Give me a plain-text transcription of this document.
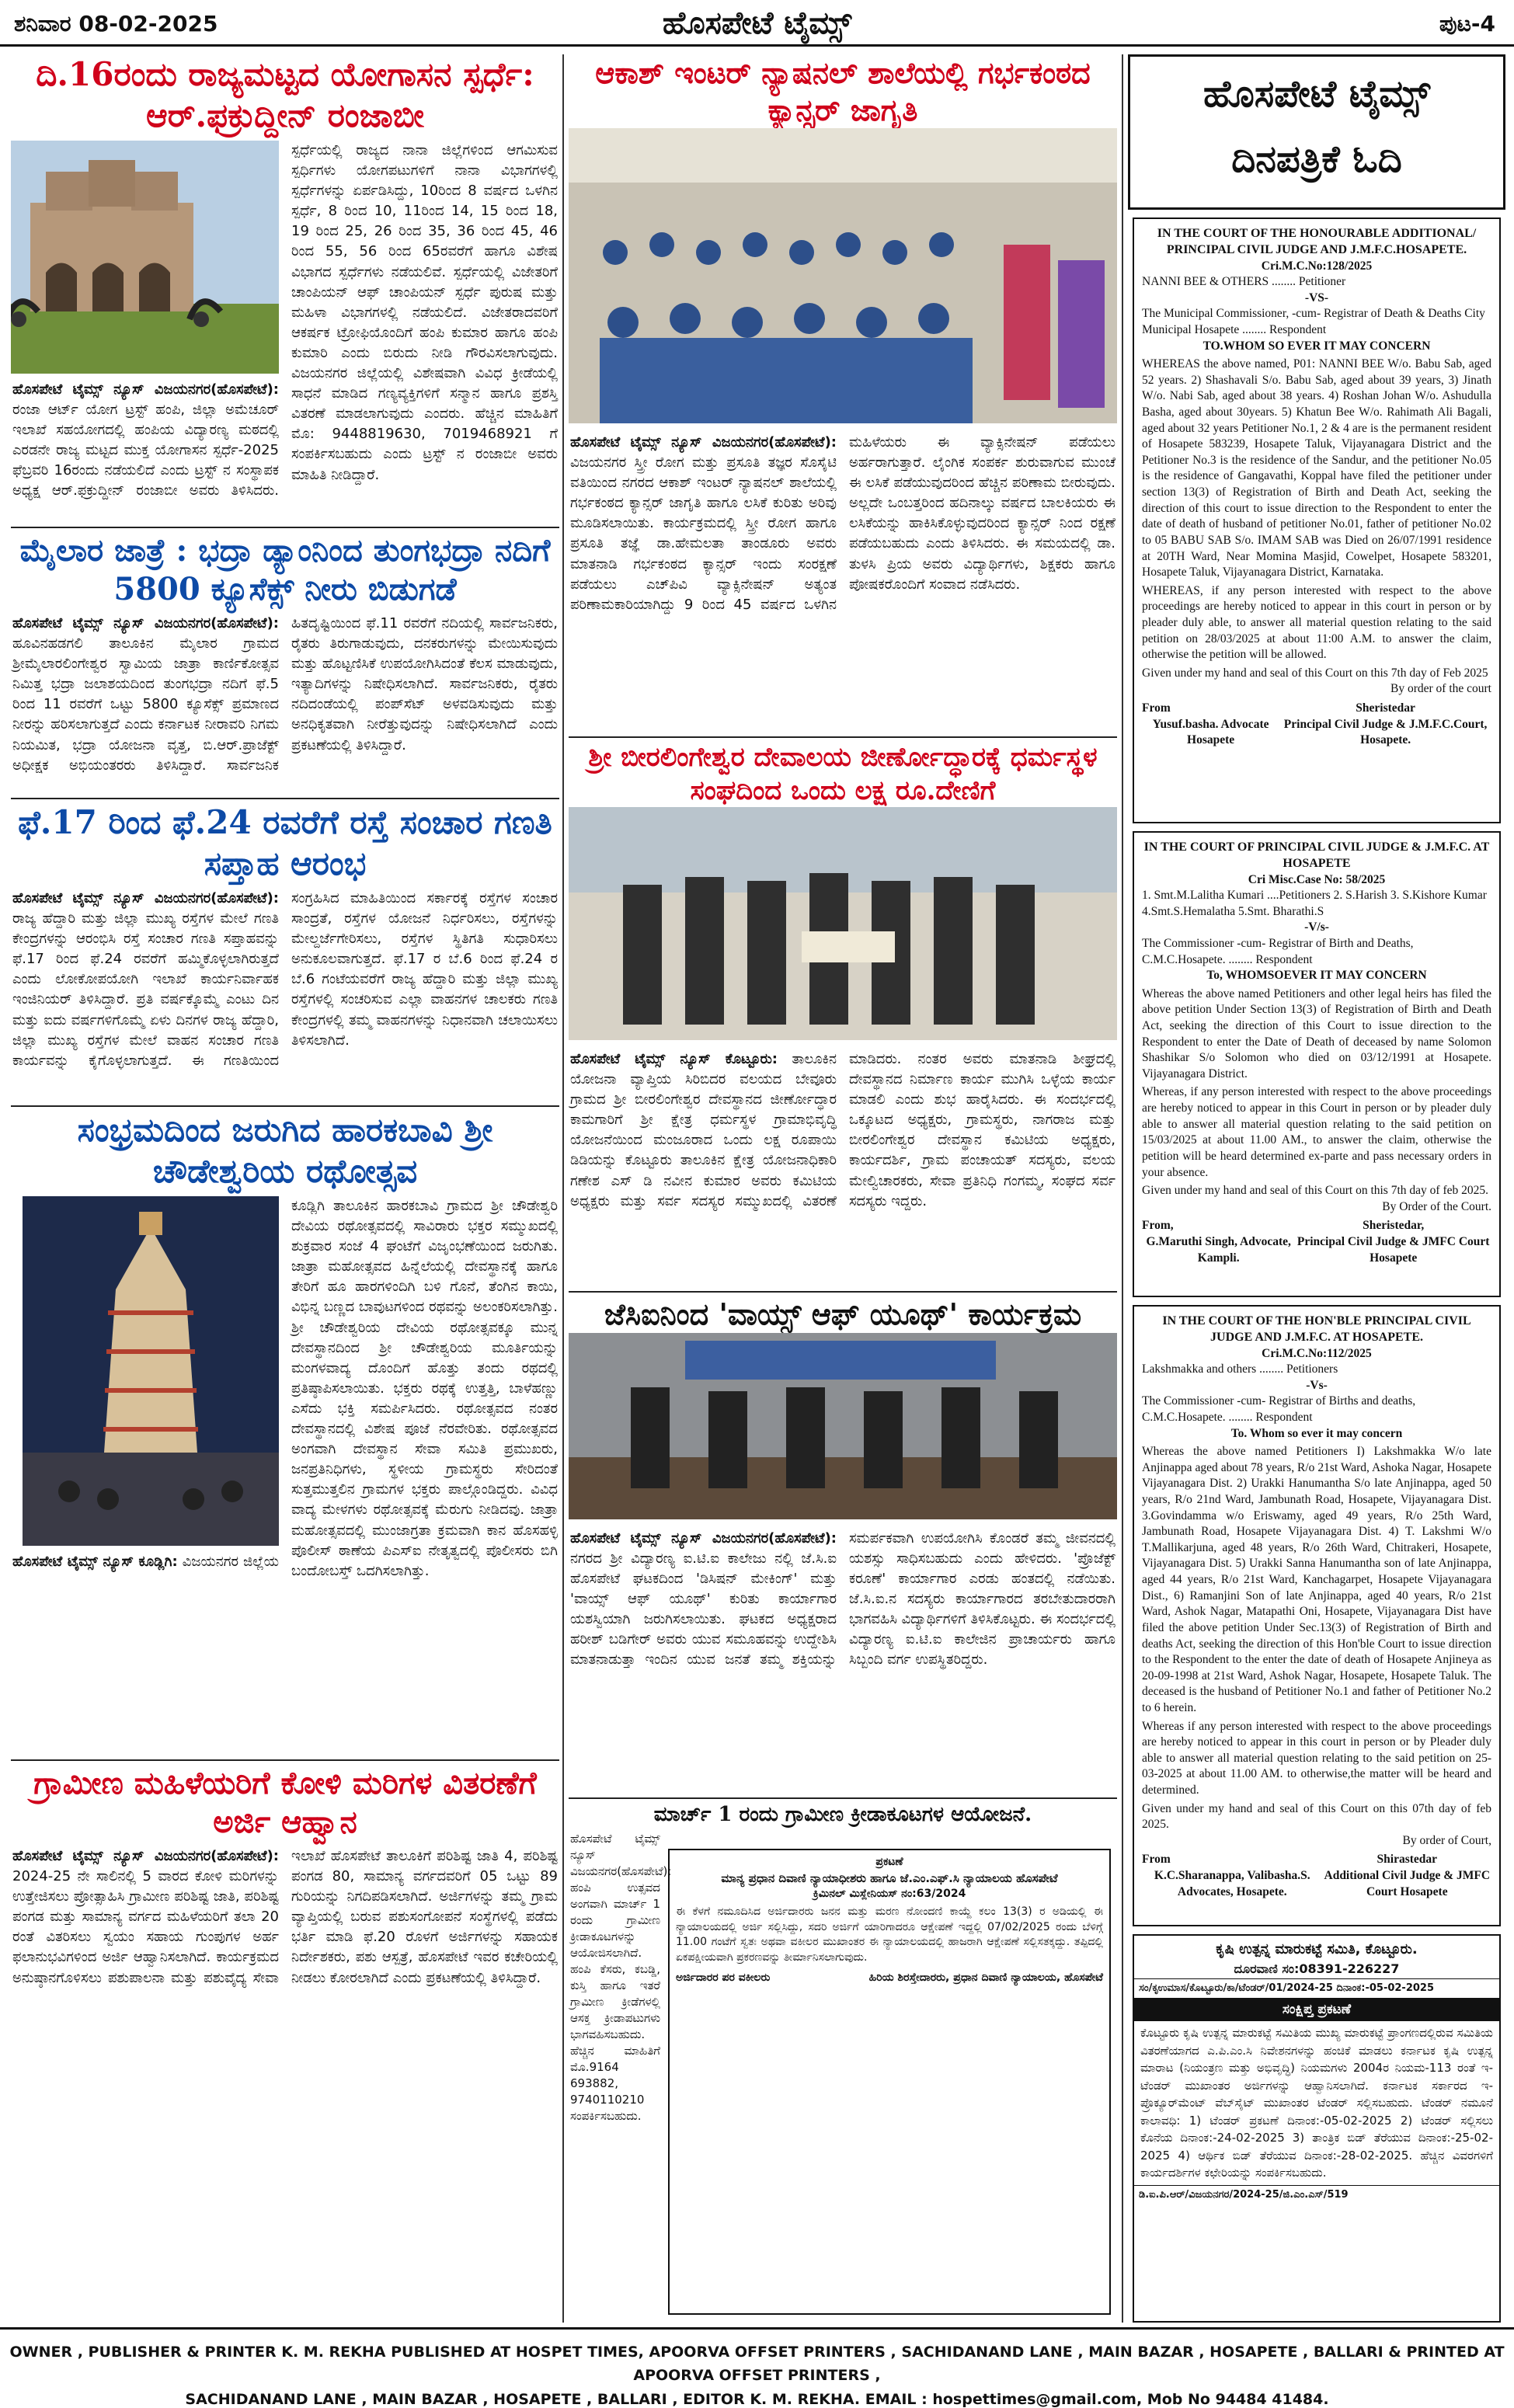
ಶನಿವಾರ 08-02-2025	ಹೊಸಪೇಟೆ ಟೈಮ್ಸ್	ಪುಟ-4
ದಿ.16ರಂದು ರಾಜ್ಯಮಟ್ಟದ ಯೋಗಾಸನ ಸ್ಪರ್ಧೆ: ಆರ್.ಫಕ್ರುದ್ದೀನ್ ರಂಜಾಬೀ
ಹೊಸಪೇಟೆ ಟೈಮ್ಸ್ ನ್ಯೂಸ್ ವಿಜಯನಗರ(ಹೊಸಪೇಟೆ): ರಂಜಾ ಆರ್ಟ್ ಯೋಗ ಟ್ರಸ್ಟ್ ಹಂಪಿ, ಜಿಲ್ಲಾ ಅಮೆಚೂರ್ ಇಲಾಖೆ ಸಹಯೋಗದಲ್ಲಿ ಹಂಪಿಯ ವಿದ್ಯಾರಣ್ಯ ಮಠದಲ್ಲಿ ಎರಡನೇ ರಾಜ್ಯ ಮಟ್ಟದ ಮುಕ್ತ ಯೋಗಾಸನ ಸ್ಪರ್ಧೆ-2025 ಫೆಬ್ರವರಿ 16ರಂದು ನಡೆಯಲಿದೆ ಎಂದು ಟ್ರಸ್ಟ್ ನ ಸಂಸ್ಥಾಪಕ ಅಧ್ಯಕ್ಷ ಆರ್.ಫಕ್ರುದ್ದೀನ್ ರಂಜಾಬೀ ಅವರು ತಿಳಿಸಿದರು. ಸ್ಪರ್ಧೆಯಲ್ಲಿ ರಾಜ್ಯದ ನಾನಾ ಜಿಲ್ಲೆಗಳಿಂದ ಆಗಮಿಸುವ ಸ್ಪರ್ಧಿಗಳು ಯೋಗಪಟುಗಳಿಗೆ ನಾನಾ ವಿಭಾಗಗಳಲ್ಲಿ ಸ್ಪರ್ಧೆಗಳನ್ನು ಏರ್ಪಡಿಸಿದ್ದು, 10ರಿಂದ 8 ವರ್ಷದ ಒಳಗಿನ ಸ್ಪರ್ಧೆ, 8 ರಿಂದ 10, 11ರಿಂದ 14, 15 ರಿಂದ 18, 19 ರಿಂದ 25, 26 ರಿಂದ 35, 36 ರಿಂದ 45, 46 ರಿಂದ 55, 56 ರಿಂದ 65ರವರೆಗೆ ಹಾಗೂ ವಿಶೇಷ ವಿಭಾಗದ ಸ್ಪರ್ಧೆಗಳು ನಡೆಯಲಿವೆ. ಸ್ಪರ್ಧೆಯಲ್ಲಿ ವಿಜೇತರಿಗೆ ಚಾಂಪಿಯನ್ ಆಫ್ ಚಾಂಪಿಯನ್ ಸ್ಪರ್ಧೆ ಪುರುಷ ಮತ್ತು ಮಹಿಳಾ ವಿಭಾಗಗಳಲ್ಲಿ ನಡೆಯಲಿದೆ. ವಿಜೇತರಾದವರಿಗೆ ಆಕರ್ಷಕ ಟ್ರೋಫಿಯೊಂದಿಗೆ ಹಂಪಿ ಕುಮಾರ ಹಾಗೂ ಹಂಪಿ ಕುಮಾರಿ ಎಂದು ಬಿರುದು ನೀಡಿ ಗೌರವಿಸಲಾಗುವುದು. ವಿಜಯನಗರ ಜಿಲ್ಲೆಯಲ್ಲಿ ವಿಶೇಷವಾಗಿ ವಿವಿಧ ಕ್ರೀಡೆಯಲ್ಲಿ ಸಾಧನೆ ಮಾಡಿದ ಗಣ್ಯವ್ಯಕ್ತಿಗಳಿಗೆ ಸನ್ಮಾನ ಹಾಗೂ ಪ್ರಶಸ್ತಿ ವಿತರಣೆ ಮಾಡಲಾಗುವುದು ಎಂದರು. ಹೆಚ್ಚಿನ ಮಾಹಿತಿಗೆ ಮೊ: 9448819630, 7019468921 ಗೆ ಸಂಪರ್ಕಿಸಬಹುದು ಎಂದು ಟ್ರಸ್ಟ್ ನ ರಂಜಾಬೀ ಅವರು ಮಾಹಿತಿ ನೀಡಿದ್ದಾರೆ.
ಮೈಲಾರ ಜಾತ್ರೆ : ಭದ್ರಾ ಡ್ಯಾಂನಿಂದ ತುಂಗಭದ್ರಾ ನದಿಗೆ 5800 ಕ್ಯೂಸೆಕ್ಸ್ ನೀರು ಬಿಡುಗಡೆ
ಹೊಸಪೇಟೆ ಟೈಮ್ಸ್ ನ್ಯೂಸ್ ವಿಜಯನಗರ(ಹೊಸಪೇಟೆ): ಹೂವಿನಹಡಗಲಿ ತಾಲೂಕಿನ ಮೈಲಾರ ಗ್ರಾಮದ ಶ್ರೀಮೈಲಾರಲಿಂಗೇಶ್ವರ ಸ್ವಾಮಿಯ ಜಾತ್ರಾ ಕಾರ್ಣಿಕೋತ್ಸವ ನಿಮಿತ್ತ ಭದ್ರಾ ಜಲಾಶಯದಿಂದ ತುಂಗಭದ್ರಾ ನದಿಗೆ ಫೆ.5 ರಿಂದ 11 ರವರೆಗೆ ಒಟ್ಟು 5800 ಕ್ಯೂಸೆಕ್ಸ್ ಪ್ರಮಾಣದ ನೀರನ್ನು ಹರಿಸಲಾಗುತ್ತದೆ ಎಂದು ಕರ್ನಾಟಕ ನೀರಾವರಿ ನಿಗಮ ನಿಯಮಿತ, ಭದ್ರಾ ಯೋಜನಾ ವೃತ್ತ, ಬಿ.ಆರ್.ಪ್ರಾಜೆಕ್ಟ್ ಅಧೀಕ್ಷಕ ಅಭಿಯಂತರರು ತಿಳಿಸಿದ್ದಾರೆ. ಸಾರ್ವಜನಿಕ ಹಿತದೃಷ್ಟಿಯಿಂದ ಫೆ.11 ರವರೆಗೆ ನದಿಯಲ್ಲಿ ಸಾರ್ವಜನಿಕರು, ರೈತರು ತಿರುಗಾಡುವುದು, ದನಕರುಗಳನ್ನು ಮೇಯಿಸುವುದು ಮತ್ತು ಹೊಟ್ಟಣಿಸಿಕೆ ಉಪಯೋಗಿಸಿದಂತೆ ಕೆಲಸ ಮಾಡುವುದು, ಇತ್ಯಾದಿಗಳನ್ನು ನಿಷೇಧಿಸಲಾಗಿದೆ. ಸಾರ್ವಜನಿಕರು, ರೈತರು ನದಿದಂಡೆಯಲ್ಲಿ ಪಂಪ್‌ಸೆಟ್ ಅಳವಡಿಸುವುದು ಮತ್ತು ಅನಧಿಕೃತವಾಗಿ ನೀರೆತ್ತುವುದನ್ನು ನಿಷೇಧಿಸಲಾಗಿದೆ ಎಂದು ಪ್ರಕಟಣೆಯಲ್ಲಿ ತಿಳಿಸಿದ್ದಾರೆ.
ಫೆ.17 ರಿಂದ ಫೆ.24 ರವರೆಗೆ ರಸ್ತೆ ಸಂಚಾರ ಗಣತಿ ಸಪ್ತಾಹ ಆರಂಭ
ಹೊಸಪೇಟೆ ಟೈಮ್ಸ್ ನ್ಯೂಸ್ ವಿಜಯನಗರ(ಹೊಸಪೇಟೆ): ರಾಜ್ಯ ಹೆದ್ದಾರಿ ಮತ್ತು ಜಿಲ್ಲಾ ಮುಖ್ಯ ರಸ್ತೆಗಳ ಮೇಲೆ ಗಣತಿ ಕೇಂದ್ರಗಳನ್ನು ಆರಂಭಿಸಿ ರಸ್ತೆ ಸಂಚಾರ ಗಣತಿ ಸಪ್ತಾಹವನ್ನು ಫೆ.17 ರಿಂದ ಫೆ.24 ರವರೆಗೆ ಹಮ್ಮಿಕೊಳ್ಳಲಾಗಿರುತ್ತದೆ ಎಂದು ಲೋಕೋಪಯೋಗಿ ಇಲಾಖೆ ಕಾರ್ಯನಿರ್ವಾಹಕ ಇಂಜಿನಿಯರ್ ತಿಳಿಸಿದ್ದಾರೆ. ಪ್ರತಿ ವರ್ಷಕ್ಕೊಮ್ಮೆ ಎಂಟು ದಿನ ಮತ್ತು ಐದು ವರ್ಷಗಳಿಗೊಮ್ಮೆ ಏಳು ದಿನಗಳ ರಾಜ್ಯ ಹೆದ್ದಾರಿ, ಜಿಲ್ಲಾ ಮುಖ್ಯ ರಸ್ತೆಗಳ ಮೇಲೆ ವಾಹನ ಸಂಚಾರ ಗಣತಿ ಕಾರ್ಯವನ್ನು ಕೈಗೊಳ್ಳಲಾಗುತ್ತದೆ. ಈ ಗಣತಿಯಿಂದ ಸಂಗ್ರಹಿಸಿದ ಮಾಹಿತಿಯಿಂದ ಸರ್ಕಾರಕ್ಕೆ ರಸ್ತೆಗಳ ಸಂಚಾರ ಸಾಂದ್ರತೆ, ರಸ್ತೆಗಳ ಯೋಜನೆ ನಿರ್ಧರಿಸಲು, ರಸ್ತೆಗಳನ್ನು ಮೇಲ್ದರ್ಜೆಗೇರಿಸಲು, ರಸ್ತೆಗಳ ಸ್ಥಿತಿಗತಿ ಸುಧಾರಿಸಲು ಅನುಕೂಲವಾಗುತ್ತದೆ. ಫೆ.17 ರ ಬೆ.6 ರಿಂದ ಫೆ.24 ರ ಬೆ.6 ಗಂಟೆಯವರೆಗೆ ರಾಜ್ಯ ಹೆದ್ದಾರಿ ಮತ್ತು ಜಿಲ್ಲಾ ಮುಖ್ಯ ರಸ್ತೆಗಳಲ್ಲಿ ಸಂಚರಿಸುವ ಎಲ್ಲಾ ವಾಹನಗಳ ಚಾಲಕರು ಗಣತಿ ಕೇಂದ್ರಗಳಲ್ಲಿ ತಮ್ಮ ವಾಹನಗಳನ್ನು ನಿಧಾನವಾಗಿ ಚಲಾಯಿಸಲು ತಿಳಿಸಲಾಗಿದೆ.
ಸಂಭ್ರಮದಿಂದ ಜರುಗಿದ ಹಾರಕಬಾವಿ ಶ್ರೀ ಚೌಡೇಶ್ವರಿಯ ರಥೋತ್ಸವ
ಹೊಸಪೇಟೆ ಟೈಮ್ಸ್ ನ್ಯೂಸ್ ಕೂಡ್ಲಿಗಿ: ವಿಜಯನಗರ ಜಿಲ್ಲೆಯ ಕೂಡ್ಲಿಗಿ ತಾಲೂಕಿನ ಹಾರಕಬಾವಿ ಗ್ರಾಮದ ಶ್ರೀ ಚೌಡೇಶ್ವರಿ ದೇವಿಯ ರಥೋತ್ಸವದಲ್ಲಿ ಸಾವಿರಾರು ಭಕ್ತರ ಸಮ್ಮುಖದಲ್ಲಿ ಶುಕ್ರವಾರ ಸಂಜೆ 4 ಘಂಟೆಗೆ ವಿಜೃಂಭಣೆಯಿಂದ ಜರುಗಿತು. ಜಾತ್ರಾ ಮಹೋತ್ಸವದ ಹಿನ್ನೆಲೆಯಲ್ಲಿ ದೇವಸ್ಥಾನಕ್ಕೆ ಹಾಗೂ ತೇರಿಗೆ ಹೂ ಹಾರಗಳಿಂದಿಗಿ ಬಳಿ ಗೊನೆ, ತೆಂಗಿನ ಕಾಯಿ, ವಿಭಿನ್ನ ಬಣ್ಣದ ಬಾವುಟಗಳಿಂದ ರಥವನ್ನು ಅಲಂಕರಿಸಲಾಗಿತ್ತು. ಶ್ರೀ ಚೌಡೇಶ್ವರಿಯ ದೇವಿಯ ರಥೋತ್ಸವಕ್ಕೂ ಮುನ್ನ ದೇವಸ್ಥಾನದಿಂದ ಶ್ರೀ ಚೌಡೇಶ್ವರಿಯ ಮೂರ್ತಿಯನ್ನು ಮಂಗಳವಾದ್ಯ ದೊಂದಿಗೆ ಹೊತ್ತು ತಂದು ರಥದಲ್ಲಿ ಪ್ರತಿಷ್ಠಾಪಿಸಲಾಯಿತು. ಭಕ್ತರು ರಥಕ್ಕೆ ಉತ್ತತ್ತಿ, ಬಾಳೆಹಣ್ಣು ಎಸೆದು ಭಕ್ತಿ ಸಮರ್ಪಿಸಿದರು. ರಥೋತ್ಸವದ ನಂತರ ದೇವಸ್ಥಾನದಲ್ಲಿ ವಿಶೇಷ ಪೂಜೆ ನೆರವೇರಿತು. ರಥೋತ್ಸವದ ಅಂಗವಾಗಿ ದೇವಸ್ಥಾನ ಸೇವಾ ಸಮಿತಿ ಪ್ರಮುಖರು, ಜನಪ್ರತಿನಿಧಿಗಳು, ಸ್ಥಳೀಯ ಗ್ರಾಮಸ್ಥರು ಸೇರಿದಂತೆ ಸುತ್ತಮುತ್ತಲಿನ ಗ್ರಾಮಗಳ ಭಕ್ತರು ಪಾಲ್ಗೊಂಡಿದ್ದರು. ವಿವಿಧ ವಾದ್ಯ ಮೇಳಗಳು ರಥೋತ್ಸವಕ್ಕೆ ಮೆರುಗು ನೀಡಿದವು. ಜಾತ್ರಾ ಮಹೋತ್ಸವದಲ್ಲಿ ಮುಂಜಾಗ್ರತಾ ಕ್ರಮವಾಗಿ ಕಾನ ಹೊಸಹಳ್ಳಿ ಪೊಲೀಸ್ ಠಾಣೆಯ ಪಿಎಸ್ಐ ನೇತೃತ್ವದಲ್ಲಿ ಪೊಲೀಸರು ಬಿಗಿ ಬಂದೋಬಸ್ತ್ ಒದಗಿಸಲಾಗಿತ್ತು.
ಗ್ರಾಮೀಣ ಮಹಿಳೆಯರಿಗೆ ಕೋಳಿ ಮರಿಗಳ ವಿತರಣೆಗೆ ಅರ್ಜಿ ಆಹ್ವಾನ
ಹೊಸಪೇಟೆ ಟೈಮ್ಸ್ ನ್ಯೂಸ್ ವಿಜಯನಗರ(ಹೊಸಪೇಟೆ): 2024-25 ನೇ ಸಾಲಿನಲ್ಲಿ 5 ವಾರದ ಕೋಳಿ ಮರಿಗಳನ್ನು ಉತ್ತೇಜಿಸಲು ಪ್ರೋತ್ಸಾಹಿಸಿ ಗ್ರಾಮೀಣ ಪರಿಶಿಷ್ಟ ಜಾತಿ, ಪರಿಶಿಷ್ಟ ಪಂಗಡ ಮತ್ತು ಸಾಮಾನ್ಯ ವರ್ಗದ ಮಹಿಳೆಯರಿಗೆ ತಲಾ 20 ರಂತೆ ವಿತರಿಸಲು ಸ್ವಯಂ ಸಹಾಯ ಗುಂಪುಗಳ ಅರ್ಹ ಫಲಾನುಭವಿಗಳಿಂದ ಅರ್ಜಿ ಆಹ್ವಾನಿಸಲಾಗಿದೆ. ಕಾರ್ಯಕ್ರಮದ ಅನುಷ್ಠಾನಗೊಳಿಸಲು ಪಶುಪಾಲನಾ ಮತ್ತು ಪಶುವೈದ್ಯ ಸೇವಾ ಇಲಾಖೆ ಹೊಸಪೇಟೆ ತಾಲೂಕಿಗೆ ಪರಿಶಿಷ್ಟ ಜಾತಿ 4, ಪರಿಶಿಷ್ಟ ಪಂಗಡ 80, ಸಾಮಾನ್ಯ ವರ್ಗದವರಿಗೆ 05 ಒಟ್ಟು 89 ಗುರಿಯನ್ನು ನಿಗದಿಪಡಿಸಲಾಗಿದೆ. ಅರ್ಜಿಗಳನ್ನು ತಮ್ಮ ಗ್ರಾಮ ವ್ಯಾಪ್ತಿಯಲ್ಲಿ ಬರುವ ಪಶುಸಂಗೋಪನೆ ಸಂಸ್ಥೆಗಳಲ್ಲಿ ಪಡೆದು ಭರ್ತಿ ಮಾಡಿ ಫೆ.20 ರೊಳಗೆ ಅರ್ಜಿಗಳನ್ನು ಸಹಾಯಕ ನಿರ್ದೇಶಕರು, ಪಶು ಆಸ್ಪತ್ರೆ, ಹೊಸಪೇಟೆ ಇವರ ಕಚೇರಿಯಲ್ಲಿ ನೀಡಲು ಕೋರಲಾಗಿದೆ ಎಂದು ಪ್ರಕಟಣೆಯಲ್ಲಿ ತಿಳಿಸಿದ್ದಾರೆ.
ಆಕಾಶ್ ಇಂಟರ್ ನ್ಯಾಷನಲ್ ಶಾಲೆಯಲ್ಲಿ ಗರ್ಭಕಂಠದ ಕ್ಯಾನ್ಸರ್ ಜಾಗೃತಿ
ಹೊಸಪೇಟೆ ಟೈಮ್ಸ್ ನ್ಯೂಸ್ ವಿಜಯನಗರ(ಹೊಸಪೇಟೆ): ವಿಜಯನಗರ ಸ್ತ್ರೀ ರೋಗ ಮತ್ತು ಪ್ರಸೂತಿ ತಜ್ಞರ ಸೊಸೈಟಿ ವತಿಯಿಂದ ನಗರದ ಆಕಾಶ್ ಇಂಟರ್ ನ್ಯಾಷನಲ್ ಶಾಲೆಯಲ್ಲಿ ಗರ್ಭಕಂಠದ ಕ್ಯಾನ್ಸರ್ ಜಾಗೃತಿ ಹಾಗೂ ಲಸಿಕೆ ಕುರಿತು ಅರಿವು ಮೂಡಿಸಲಾಯಿತು. ಕಾರ್ಯಕ್ರಮದಲ್ಲಿ ಸ್ತ್ರೀ ರೋಗ ಹಾಗೂ ಪ್ರಸೂತಿ ತಜ್ಞೆ ಡಾ.ಹೇಮಲತಾ ತಾಂಡೂರು ಅವರು ಮಾತನಾಡಿ ಗರ್ಭಕಂಠದ ಕ್ಯಾನ್ಸರ್ ಇಂದು ಸಂರಕ್ಷಣೆ ಪಡೆಯಲು ಎಚ್‌ಪಿವಿ ವ್ಯಾಕ್ಸಿನೇಷನ್ ಅತ್ಯಂತ ಪರಿಣಾಮಕಾರಿಯಾಗಿದ್ದು 9 ರಿಂದ 45 ವರ್ಷದ ಒಳಗಿನ ಮಹಿಳೆಯರು ಈ ವ್ಯಾಕ್ಸಿನೇಷನ್ ಪಡೆಯಲು ಅರ್ಹರಾಗುತ್ತಾರೆ. ಲೈಂಗಿಕ ಸಂಪರ್ಕ ಶುರುವಾಗುವ ಮುಂಚೆ ಈ ಲಸಿಕೆ ಪಡೆಯುವುದರಿಂದ ಹೆಚ್ಚಿನ ಪರಿಣಾಮ ಬೀರುವುದು. ಅಲ್ಲದೇ ಒಂಬತ್ತರಿಂದ ಹದಿನಾಲ್ಕು ವರ್ಷದ ಬಾಲಕಿಯರು ಈ ಲಸಿಕೆಯನ್ನು ಹಾಕಿಸಿಕೊಳ್ಳುವುದರಿಂದ ಕ್ಯಾನ್ಸರ್ ನಿಂದ ರಕ್ಷಣೆ ಪಡೆಯಬಹುದು ಎಂದು ತಿಳಿಸಿದರು. ಈ ಸಮಯದಲ್ಲಿ ಡಾ. ತುಳಸಿ ಪ್ರಿಯ ಅವರು ವಿದ್ಯಾರ್ಥಿಗಳು, ಶಿಕ್ಷಕರು ಹಾಗೂ ಪೋಷಕರೊಂದಿಗೆ ಸಂವಾದ ನಡೆಸಿದರು.
ಶ್ರೀ ಬೀರಲಿಂಗೇಶ್ವರ ದೇವಾಲಯ ಜೀರ್ಣೋದ್ಧಾರಕ್ಕೆ ಧರ್ಮಸ್ಥಳ ಸಂಘದಿಂದ ಒಂದು ಲಕ್ಷ ರೂ.ದೇಣಿಗೆ
ಹೊಸಪೇಟೆ ಟೈಮ್ಸ್ ನ್ಯೂಸ್ ಕೊಟ್ಟೂರು: ತಾಲೂಕಿನ ಯೋಜನಾ ವ್ಯಾಪ್ತಿಯ ಸಿರಿಬಿದರ ವಲಯದ ಬೇವೂರು ಗ್ರಾಮದ ಶ್ರೀ ಬೀರಲಿಂಗೇಶ್ವರ ದೇವಸ್ಥಾನದ ಜೀರ್ಣೋದ್ಧಾರ ಕಾಮಗಾರಿಗೆ ಶ್ರೀ ಕ್ಷೇತ್ರ ಧರ್ಮಸ್ಥಳ ಗ್ರಾಮಾಭಿವೃದ್ಧಿ ಯೋಜನೆಯಿಂದ ಮಂಜೂರಾದ ಒಂದು ಲಕ್ಷ ರೂಪಾಯಿ ಡಿಡಿಯನ್ನು ಕೊಟ್ಟೂರು ತಾಲೂಕಿನ ಕ್ಷೇತ್ರ ಯೋಜನಾಧಿಕಾರಿ ಗಣೇಶ ಎಸ್ ಡಿ ನವೀನ ಕುಮಾರ ಅವರು ಕಮಿಟಿಯ ಅಧ್ಯಕ್ಷರು ಮತ್ತು ಸರ್ವ ಸದಸ್ಯರ ಸಮ್ಮುಖದಲ್ಲಿ ವಿತರಣೆ ಮಾಡಿದರು. ನಂತರ ಅವರು ಮಾತನಾಡಿ ಶೀಘ್ರದಲ್ಲಿ ದೇವಸ್ಥಾನದ ನಿರ್ಮಾಣ ಕಾರ್ಯ ಮುಗಿಸಿ ಒಳ್ಳೆಯ ಕಾರ್ಯ ಮಾಡಲಿ ಎಂದು ಶುಭ ಹಾರೈಸಿದರು. ಈ ಸಂದರ್ಭದಲ್ಲಿ ಒಕ್ಕೂಟದ ಅಧ್ಯಕ್ಷರು, ಗ್ರಾಮಸ್ಥರು, ನಾಗರಾಜ ಮತ್ತು ಬೀರಲಿಂಗೇಶ್ವರ ದೇವಸ್ಥಾನ ಕಮಿಟಿಯ ಅಧ್ಯಕ್ಷರು, ಕಾರ್ಯದರ್ಶಿ, ಗ್ರಾಮ ಪಂಚಾಯತ್ ಸದಸ್ಯರು, ವಲಯ ಮೇಲ್ವಿಚಾರಕರು, ಸೇವಾ ಪ್ರತಿನಿಧಿ ಗಂಗಮ್ಮ, ಸಂಘದ ಸರ್ವ ಸದಸ್ಯರು ಇದ್ದರು.
ಜೆಸಿಐನಿಂದ 'ವಾಯ್ಸ್ ಆಫ್ ಯೂಥ್' ಕಾರ್ಯಕ್ರಮ
ಹೊಸಪೇಟೆ ಟೈಮ್ಸ್ ನ್ಯೂಸ್ ವಿಜಯನಗರ(ಹೊಸಪೇಟೆ): ನಗರದ ಶ್ರೀ ವಿದ್ಯಾರಣ್ಯ ಐ.ಟಿ.ಐ ಕಾಲೇಜು ನಲ್ಲಿ ಜೆ.ಸಿ.ಐ ಹೊಸಪೇಟೆ ಘಟಕದಿಂದ 'ಡಿಸಿಷನ್ ಮೇಕಿಂಗ್' ಮತ್ತು 'ವಾಯ್ಸ್ ಆಫ್ ಯೂಥ್' ಕುರಿತು ಕಾರ್ಯಾಗಾರ ಯಶಸ್ವಿಯಾಗಿ ಜರುಗಿಸಲಾಯಿತು. ಘಟಕದ ಅಧ್ಯಕ್ಷರಾದ ಹರೀಶ್ ಬಡಿಗೇರ್ ಅವರು ಯುವ ಸಮೂಹವನ್ನು ಉದ್ದೇಶಿಸಿ ಮಾತನಾಡುತ್ತಾ ಇಂದಿನ ಯುವ ಜನತೆ ತಮ್ಮ ಶಕ್ತಿಯನ್ನು ಸಮರ್ಪಕವಾಗಿ ಉಪಯೋಗಿಸಿ ಕೊಂಡರೆ ತಮ್ಮ ಜೀವನದಲ್ಲಿ ಯಶಸ್ಸು ಸಾಧಿಸಬಹುದು ಎಂದು ಹೇಳಿದರು. 'ಪ್ರೊಜೆಕ್ಟ್ ಕರೂಣೆ' ಕಾರ್ಯಾಗಾರ ಎರಡು ಹಂತದಲ್ಲಿ ನಡೆಯಿತು. ಜೆ.ಸಿ.ಐ.ನ ಸದಸ್ಯರು ಕಾರ್ಯಾಗಾರದ ತರಬೇತುದಾರರಾಗಿ ಭಾಗವಹಿಸಿ ವಿದ್ಯಾರ್ಥಿಗಳಿಗೆ ತಿಳಿಸಿಕೊಟ್ಟರು. ಈ ಸಂದರ್ಭದಲ್ಲಿ ವಿದ್ಯಾರಣ್ಯ ಐ.ಟಿ.ಐ ಕಾಲೇಜಿನ ಪ್ರಾಚಾರ್ಯರು ಹಾಗೂ ಸಿಬ್ಬಂದಿ ವರ್ಗ ಉಪಸ್ಥಿತರಿದ್ದರು.
ಮಾರ್ಚ್ 1 ರಂದು ಗ್ರಾಮೀಣ ಕ್ರೀಡಾಕೂಟಗಳ ಆಯೋಜನೆ.
ಹೊಸಪೇಟೆ ಟೈಮ್ಸ್ ನ್ಯೂಸ್ ವಿಜಯನಗರ(ಹೊಸಪೇಟೆ): ಹಂಪಿ ಉತ್ಸವದ ಅಂಗವಾಗಿ ಮಾರ್ಚ್ 1 ರಂದು ಗ್ರಾಮೀಣ ಕ್ರೀಡಾಕೂಟಗಳನ್ನು ಆಯೋಜಿಸಲಾಗಿದೆ. ಹಂಪಿ ಕೆಸರು, ಕಬಡ್ಡಿ, ಕುಸ್ತಿ ಹಾಗೂ ಇತರೆ ಗ್ರಾಮೀಣ ಕ್ರೀಡೆಗಳಲ್ಲಿ ಆಸಕ್ತ ಕ್ರೀಡಾಪಟುಗಳು ಭಾಗವಹಿಸಬಹುದು. ಹೆಚ್ಚಿನ ಮಾಹಿತಿಗೆ ಮೊ.9164 693882, 9740110210 ಸಂಪರ್ಕಿಸಬಹುದು.
ಪ್ರಕಟಣೆ
ಮಾನ್ಯ ಪ್ರಧಾನ ದಿವಾಣಿ ನ್ಯಾಯಾಧೀಶರು ಹಾಗೂ ಜೆ.ಎಂ.ಎಫ್.ಸಿ ನ್ಯಾಯಾಲಯ ಹೊಸಪೇಟೆ
ಕ್ರಿಮಿನಲ್ ಮಿಸ್ಲೇನಿಯಸ್ ನಂ:63/2024

ಈ ಕೆಳಗೆ ನಮೂದಿಸಿದ ಅರ್ಜಿದಾರರು ಜನನ ಮತ್ತು ಮರಣ ನೋಂದಣಿ ಕಾಯ್ದೆ ಕಲಂ 13(3) ರ ಅಡಿಯಲ್ಲಿ ಈ ನ್ಯಾಯಾಲಯದಲ್ಲಿ ಅರ್ಜಿ ಸಲ್ಲಿಸಿದ್ದು, ಸದರಿ ಅರ್ಜಿಗೆ ಯಾರಿಗಾದರೂ ಆಕ್ಷೇಪಣೆ ಇದ್ದಲ್ಲಿ 07/02/2025 ರಂದು ಬೆಳಿಗ್ಗೆ 11.00 ಗಂಟೆಗೆ ಸ್ವತಃ ಅಥವಾ ವಕೀಲರ ಮುಖಾಂತರ ಈ ನ್ಯಾಯಾಲಯದಲ್ಲಿ ಹಾಜರಾಗಿ ಆಕ್ಷೇಪಣೆ ಸಲ್ಲಿಸತಕ್ಕದ್ದು. ತಪ್ಪಿದಲ್ಲಿ ಏಕಪಕ್ಷೀಯವಾಗಿ ಪ್ರಕರಣವನ್ನು ತೀರ್ಮಾನಿಸಲಾಗುವುದು.

ಅರ್ಜಿದಾರರ ಪರ ವಕೀಲರು	ಹಿರಿಯ ಶಿರಸ್ತೇದಾರರು, ಪ್ರಧಾನ ದಿವಾಣಿ ನ್ಯಾಯಾಲಯ, ಹೊಸಪೇಟೆ
ಹೊಸಪೇಟೆ ಟೈಮ್ಸ್
ದಿನಪತ್ರಿಕೆ ಓದಿ
IN THE COURT OF THE HONOURABLE ADDITIONAL/ PRINCIPAL CIVIL JUDGE AND J.M.F.C.HOSAPETE.
Cri.M.C.No:128/2025
NANNI BEE & OTHERS ........ Petitioner
-VS-
The Municipal Commissioner, -cum- Registrar of Death & Deaths City Municipal Hosapete ........ Respondent
TO.WHOM SO EVER IT MAY CONCERN

WHEREAS the above named, P01: NANNI BEE W/o. Babu Sab, aged 52 years. 2) Shashavali S/o. Babu Sab, aged about 39 years, 3) Jinath W/o. Nabi Sab, aged about 38 years. 4) Roshan Johan W/o. Ashudulla Basha, aged about 30years. 5) Khatun Bee W/o. Rahimath Ali Bagali, aged about 32 years Petitioner No.1, 2 & 4 are is the permanent resident of Hosapete 583239, Hosapete Taluk, Vijayanagara District and the Petitioner No.3 is the residence of the Sandur, and the petitioner No.05 is the residence of Gangavathi, Koppal have filed the petitioner under section 13(3) of Registration of Birth and Death Act, seeking the direction of this court to issue direction to the Respondent to enter the date of death of husband of petitioner No.01, father of petitioner No.02 to 05 BABU SAB S/o. IMAM SAB was Died on 26/07/1991 residence at 20TH Ward, Near Momina Masjid, Cowelpet, Hosapete 583201, Hosapete Taluk, Vijayanagara District, Karnataka.

WHEREAS, if any person interested with respect to the above proceedings are hereby noticed to appear in this court in person or by pleader duly able, to answer all material question relating to the said petition on 28/03/2025 at about 11:00 A.M. to answer the claim, otherwise the petition will be allowed.

Given under my hand and seal of this Court on this 7th day of Feb 2025

By order of the court
From
Yusuf.basha. Advocate Hosapete
Sheristedar
Principal Civil Judge & J.M.F.C.Court, Hosapete.
IN THE COURT OF PRINCIPAL CIVIL JUDGE & J.M.F.C. AT HOSAPETE
Cri Misc.Case No: 58/2025
1. Smt.M.Lalitha Kumari ....Petitioners 2. S.Harish 3. S.Kishore Kumar 4.Smt.S.Hemalatha 5.Smt. Bharathi.S
-V/s-
The Commissioner -cum- Registrar of Birth and Deaths, C.M.C.Hosapete. ........ Respondent
To, WHOMSOEVER IT MAY CONCERN

Whereas the above named Petitioners and other legal heirs has filed the above petition Under Section 13(3) of Registration of Birth and Death Act, seeking the direction of this Court to issue direction to the Respondent to enter the Date of Death of deceased by name Solomon Shashikar S/o Solomon who died on 03/12/1991 at Hosapete. Vijayanagara District.

Whereas, if any person interested with respect to the above proceedings are hereby noticed to appear in this Court in person or by pleader duly able to answer all material question relating to the said petition on 15/03/2025 at about 11.00 AM., to answer the claim, otherwise the petition will be heard determined ex-parte and pass necessary orders in your absence.

Given under my hand and seal of this Court on this 7th day of feb 2025.

By Order of the Court.
From,
G.Maruthi Singh, Advocate, Kampli.
Sheristedar,
Principal Civil Judge & JMFC Court Hosapete
IN THE COURT OF THE HON'BLE PRINCIPAL CIVIL JUDGE AND J.M.F.C. AT HOSAPETE.
Cri.M.C.No:112/2025
Lakshmakka and others ........ Petitioners
-Vs-
The Commissioner -cum- Registrar of Births and deaths, C.M.C.Hosapete. ........ Respondent
To. Whom so ever it may concern

Whereas the above named Petitioners I) Lakshmakka W/o late Anjinappa aged about 78 years, R/o 21st Ward, Ashoka Nagar, Hosapete Vijayanagara Dist. 2) Urakki Hanumantha S/o late Anjinappa, aged 50 years, R/o 21nd Ward, Jambunath Road, Hosapete, Vijayanagara Dist. 3.Govindamma w/o Eriswamy, aged 49 years, R/o 25th Ward, Jambunath Road, Hosapete Vijayanagara Dist. 4) T. Lakshmi W/o T.Mallikarjuna, aged 48 years, R/o 26th Ward, Chitrakeri, Hosapete, Vijayanagara Dist. 5) Urakki Sanna Hanumantha son of late Anjinappa, aged 44 years, R/o 21st Ward, Kanchagarpet, Hosapete Vijayanagara Dist., 6) Ramanjini Son of late Anjinappa, aged 40 years, R/o 21st Ward, Ashok Nagar, Matapathi Oni, Hosapete, Vijayanagara Dist have filed the above petition Under Sec.13(3) of Registration of Birth and deaths Act, seeking the direction of this Hon'ble Court to issue direction to the Respondent to the enter the date of death of Hosapete Anjineya as 20-09-1998 at 21st Ward, Ashok Nagar, Hosapete, Hosapete Taluk. The deceased is the husband of Petitioner No.1 and father of Petitioner No.2 to 6 herein.

Whereas if any person interested with respect to the above proceedings are hereby noticed to appear in this court in person or by Pleader duly able to answer all material question relating to the said petition on 25-03-2025 at about 11.00 AM. to otherwise,the matter will be heard and determined.

Given under my hand and seal of this Court on this 07th day of feb 2025.

By order of Court,
From
K.C.Sharanappa, Valibasha.S. Advocates, Hosapete.
Shirastedar
Additional Civil Judge & JMFC Court Hosapete
ಕೃಷಿ ಉತ್ಪನ್ನ ಮಾರುಕಟ್ಟೆ ಸಮಿತಿ, ಕೊಟ್ಟೂರು.
ದೂರವಾಣಿ ಸಂ:08391-226227
ಸಂ/ಕೃಉಮಾಸ/ಕೊಟ್ಟೂರು/ಕಾ/ಟೆಂಡರ್/01/2024-25 ದಿನಾಂಕ:-05-02-2025
ಸಂಕ್ಷಿಪ್ತ ಪ್ರಕಟಣೆ
ಕೊಟ್ಟೂರು ಕೃಷಿ ಉತ್ಪನ್ನ ಮಾರುಕಟ್ಟೆ ಸಮಿತಿಯ ಮುಖ್ಯ ಮಾರುಕಟ್ಟೆ ಪ್ರಾಂಗಣದಲ್ಲಿರುವ ಸಮಿತಿಯ ವಿತರಣೆಯಾಗದ ಎ.ಪಿ.ಎಂ.ಸಿ ನಿವೇಶನಗಳನ್ನು ಹಂಚಿಕೆ ಮಾಡಲು ಕರ್ನಾಟಕ ಕೃಷಿ ಉತ್ಪನ್ನ ಮಾರಾಟ (ನಿಯಂತ್ರಣ ಮತ್ತು ಅಭಿವೃದ್ಧಿ) ನಿಯಮಗಳು 2004ರ ನಿಯಮ-113 ರಂತೆ ಇ-ಟೆಂಡರ್ ಮುಖಾಂತರ ಅರ್ಜಿಗಳನ್ನು ಆಹ್ವಾನಿಸಲಾಗಿದೆ. ಕರ್ನಾಟಕ ಸರ್ಕಾರದ ಇ-ಪ್ರೊಕ್ಯೂರ್‌ಮೆಂಟ್ ವೆಬ್‌ಸೈಟ್ ಮುಖಾಂತರ ಟೆಂಡರ್ ಸಲ್ಲಿಸಬಹುದು. ಟೆಂಡರ್ ನಮೂನೆ ಕಾಲಾವಧಿ: 1) ಟೆಂಡರ್ ಪ್ರಕಟಣೆ ದಿನಾಂಕ:-05-02-2025 2) ಟೆಂಡರ್ ಸಲ್ಲಿಸಲು ಕೊನೆಯ ದಿನಾಂಕ:-24-02-2025 3) ತಾಂತ್ರಿಕ ಬಿಡ್ ತೆರೆಯುವ ದಿನಾಂಕ:-25-02-2025 4) ಆರ್ಥಿಕ ಬಿಡ್ ತೆರೆಯುವ ದಿನಾಂಕ:-28-02-2025. ಹೆಚ್ಚಿನ ವಿವರಗಳಿಗೆ ಕಾರ್ಯದರ್ಶಿಗಳ ಕಛೇರಿಯನ್ನು ಸಂಪರ್ಕಿಸಬಹುದು.
ಡಿ.ಐ.ಪಿ.ಆರ್/ವಿಜಯನಗರ/2024-25/ಜಿ.ಎಂ.ಎಸ್/519
OWNER , PUBLISHER & PRINTER K. M. REKHA PUBLISHED AT HOSPET TIMES, APOORVA OFFSET PRINTERS , SACHIDANAND LANE , MAIN BAZAR , HOSAPETE , BALLARI & PRINTED AT APOORVA OFFSET PRINTERS ,
SACHIDANAND LANE , MAIN BAZAR , HOSAPETE , BALLARI , EDITOR K. M. REKHA. EMAIL : hospettimes@gmail.com, Mob No 94484 41484.
